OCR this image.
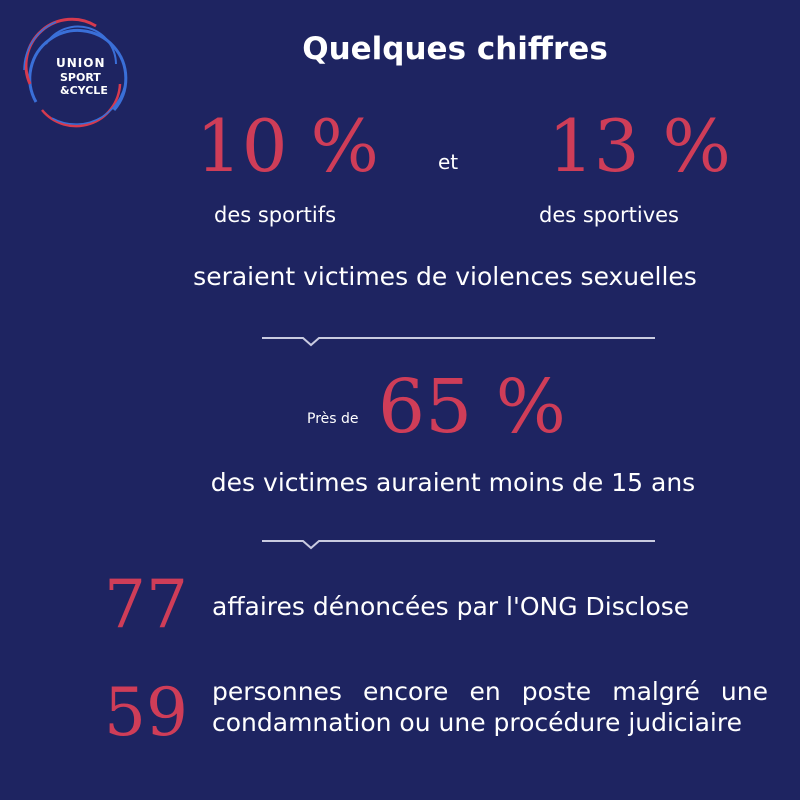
UNION
SPORT
&CYCLE
Quelques chiffres
10 %
des sportifs
et 13 %
des sportives
seraient victimes de violences sexuelles
Près de 65 %
des victimes auraient moins de 15 ans
77 affaires dénoncées par l'ONG Disclose
59 personnes encore en poste malgré une condamnation ou une procédure judiciaire
